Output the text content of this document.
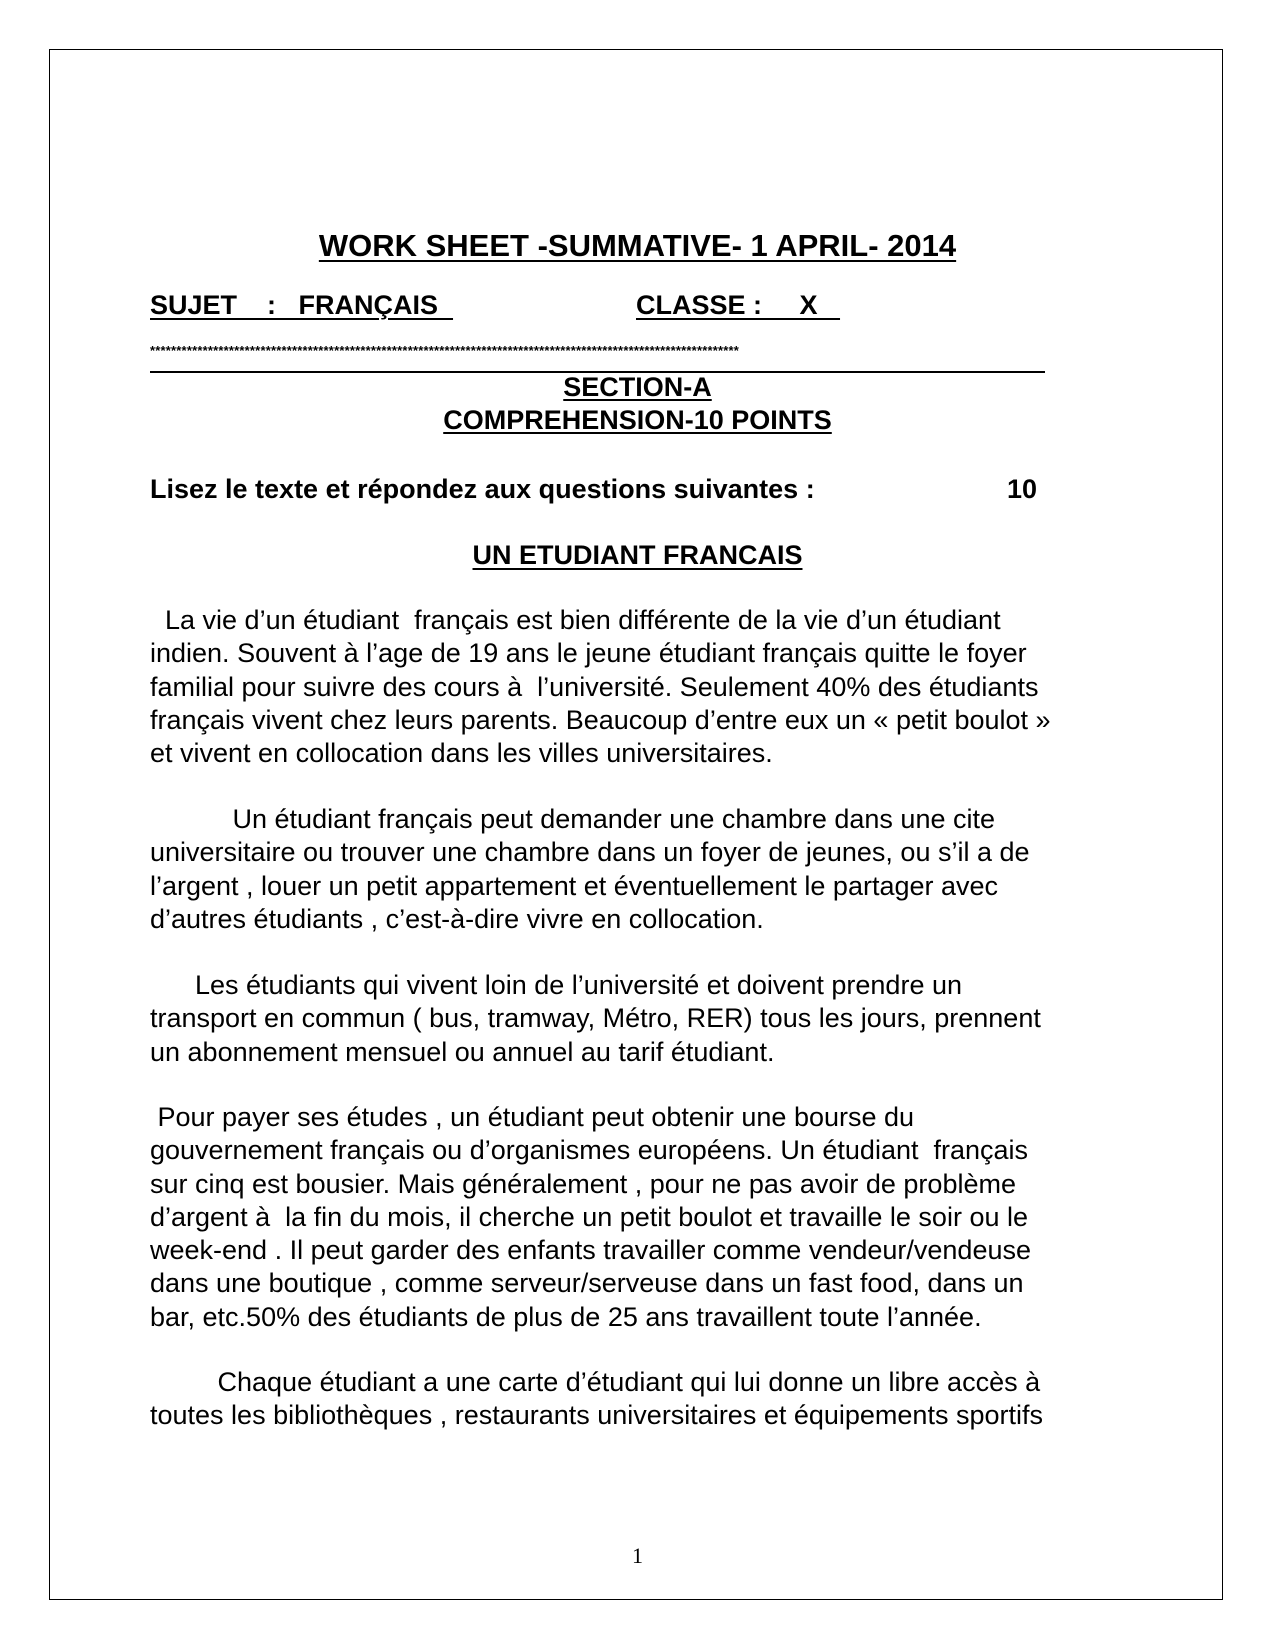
WORK SHEET -SUMMATIVE- 1 APRIL- 2014
SUJET    :   FRANÇAIS	CLASSE :     X
****************************************************************************************************************
SECTION-A
COMPREHENSION-10 POINTS
Lisez le texte et répondez aux questions suivantes :	10
UN ETUDIANT FRANCAIS
La vie d’un étudiant  français est bien différente de la vie d’un étudiant
indien. Souvent à l’age de 19 ans le jeune étudiant français quitte le foyer
familial pour suivre des cours à  l’université. Seulement 40% des étudiants
français vivent chez leurs parents. Beaucoup d’entre eux un « petit boulot »
et vivent en collocation dans les villes universitaires.
Un étudiant français peut demander une chambre dans une cite
universitaire ou trouver une chambre dans un foyer de jeunes, ou s’il a de
l’argent , louer un petit appartement et éventuellement le partager avec
d’autres étudiants , c’est-à-dire vivre en collocation.
Les étudiants qui vivent loin de l’université et doivent prendre un
transport en commun ( bus, tramway, Métro, RER) tous les jours, prennent
un abonnement mensuel ou annuel au tarif étudiant.
Pour payer ses études , un étudiant peut obtenir une bourse du
gouvernement français ou d’organismes européens. Un étudiant  français
sur cinq est bousier. Mais généralement , pour ne pas avoir de problème
d’argent à  la fin du mois, il cherche un petit boulot et travaille le soir ou le
week-end . Il peut garder des enfants travailler comme vendeur/vendeuse
dans une boutique , comme serveur/serveuse dans un fast food, dans un
bar, etc.50% des étudiants de plus de 25 ans travaillent toute l’année.
Chaque étudiant a une carte d’étudiant qui lui donne un libre accès à
toutes les bibliothèques , restaurants universitaires et équipements sportifs
1
